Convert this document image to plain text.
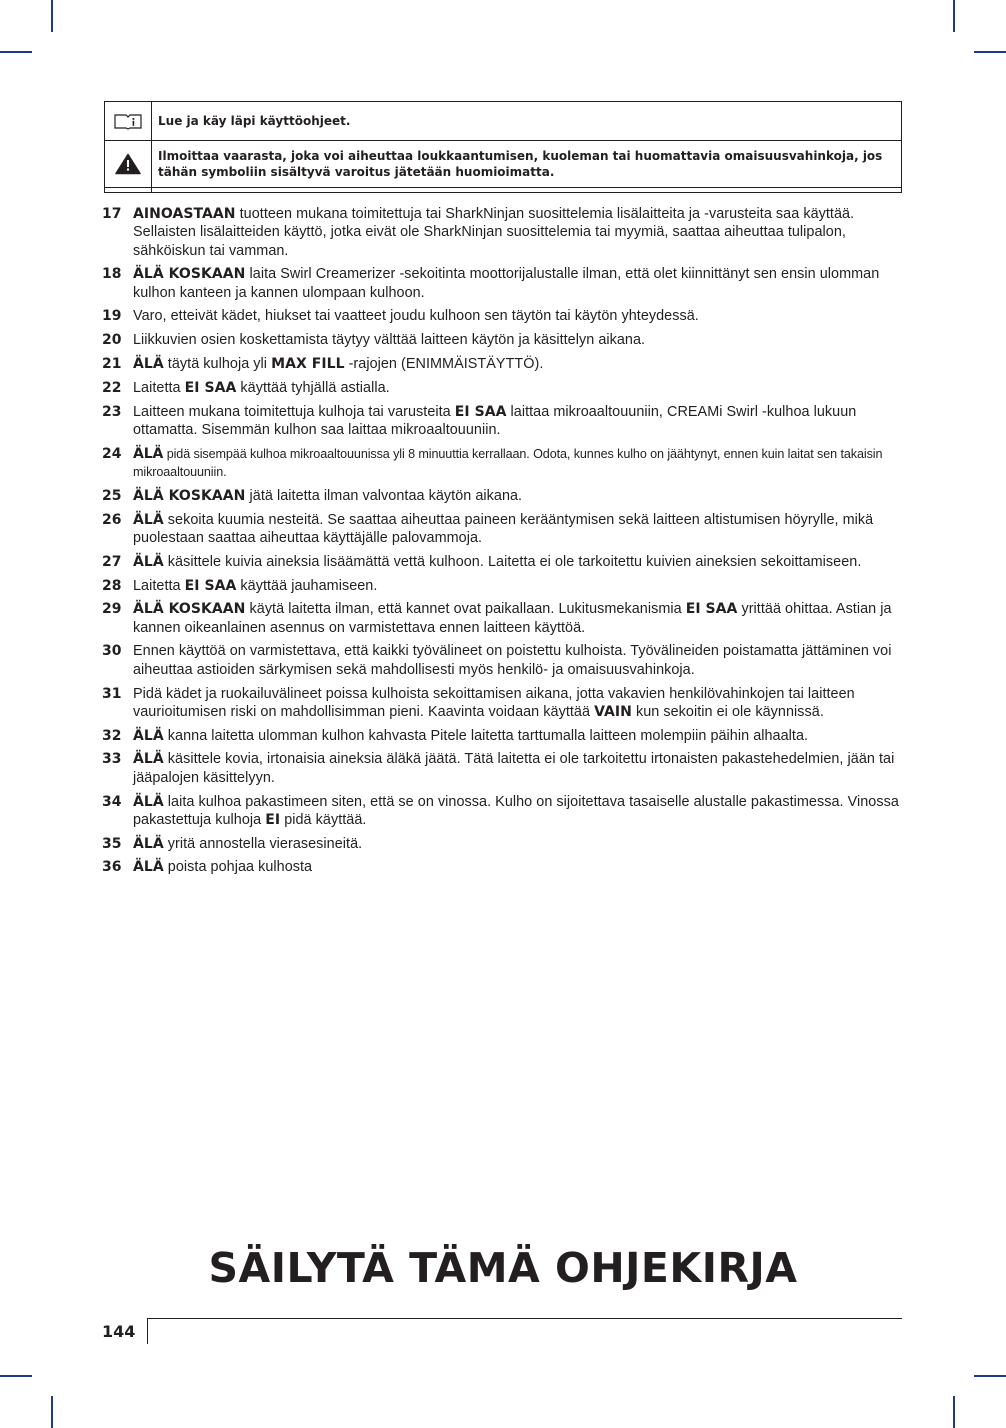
	Lue ja käy läpi käyttöohjeet.

	Ilmoittaa vaarasta, joka voi aiheuttaa loukkaantumisen, kuoleman tai huomattavia omaisuusvahinkoja, jos tähän symboliin sisältyvä varoitus jätetään huomioimatta.

17 AINOASTAAN tuotteen mukana toimitettuja tai SharkNinjan suosittelemia lisälaitteita ja -varusteita saa käyttää. Sellaisten lisälaitteiden käyttö, jotka eivät ole SharkNinjan suosittelemia tai myymiä, saattaa aiheuttaa tulipalon, sähköiskun tai vamman.
18 ÄLÄ KOSKAAN laita Swirl Creamerizer -sekoitinta moottorijalustalle ilman, että olet kiinnittänyt sen ensin ulomman kulhon kanteen ja kannen ulompaan kulhoon.
19 Varo, etteivät kädet, hiukset tai vaatteet joudu kulhoon sen täytön tai käytön yhteydessä.
20 Liikkuvien osien koskettamista täytyy välttää laitteen käytön ja käsittelyn aikana.
21 ÄLÄ täytä kulhoja yli MAX FILL -rajojen (ENIMMÄISTÄYTTÖ).
22 Laitetta EI SAA käyttää tyhjällä astialla.
23 Laitteen mukana toimitettuja kulhoja tai varusteita EI SAA laittaa mikroaaltouuniin, CREAMi Swirl -kulhoa lukuun ottamatta. Sisemmän kulhon saa laittaa mikroaaltouuniin.
24 ÄLÄ pidä sisempää kulhoa mikroaaltouunissa yli 8 minuuttia kerrallaan. Odota, kunnes kulho on jäähtynyt, ennen kuin laitat sen takaisin mikroaaltouuniin.
25 ÄLÄ KOSKAAN jätä laitetta ilman valvontaa käytön aikana.
26 ÄLÄ sekoita kuumia nesteitä. Se saattaa aiheuttaa paineen kerääntymisen sekä laitteen altistumisen höyrylle, mikä puolestaan saattaa aiheuttaa käyttäjälle palovammoja.
27 ÄLÄ käsittele kuivia aineksia lisäämättä vettä kulhoon. Laitetta ei ole tarkoitettu kuivien aineksien sekoittamiseen.
28 Laitetta EI SAA käyttää jauhamiseen.
29 ÄLÄ KOSKAAN käytä laitetta ilman, että kannet ovat paikallaan. Lukitusmekanismia EI SAA yrittää ohittaa. Astian ja kannen oikeanlainen asennus on varmistettava ennen laitteen käyttöä.
30 Ennen käyttöä on varmistettava, että kaikki työvälineet on poistettu kulhoista. Työvälineiden poistamatta jättäminen voi aiheuttaa astioiden särkymisen sekä mahdollisesti myös henkilö- ja omaisuusvahinkoja.
31 Pidä kädet ja ruokailuvälineet poissa kulhoista sekoittamisen aikana, jotta vakavien henkilövahinkojen tai laitteen vaurioitumisen riski on mahdollisimman pieni. Kaavinta voidaan käyttää VAIN kun sekoitin ei ole käynnissä.
32 ÄLÄ kanna laitetta ulomman kulhon kahvasta Pitele laitetta tarttumalla laitteen molempiin päihin alhaalta.
33 ÄLÄ käsittele kovia, irtonaisia aineksia äläkä jäätä. Tätä laitetta ei ole tarkoitettu irtonaisten pakastehedelmien, jään tai jääpalojen käsittelyyn.
34 ÄLÄ laita kulhoa pakastimeen siten, että se on vinossa. Kulho on sijoitettava tasaiselle alustalle pakastimessa. Vinossa pakastettuja kulhoja EI pidä käyttää.
35 ÄLÄ yritä annostella vierasesineitä.
36 ÄLÄ poista pohjaa kulhosta
SÄILYTÄ TÄMÄ OHJEKIRJA
144
